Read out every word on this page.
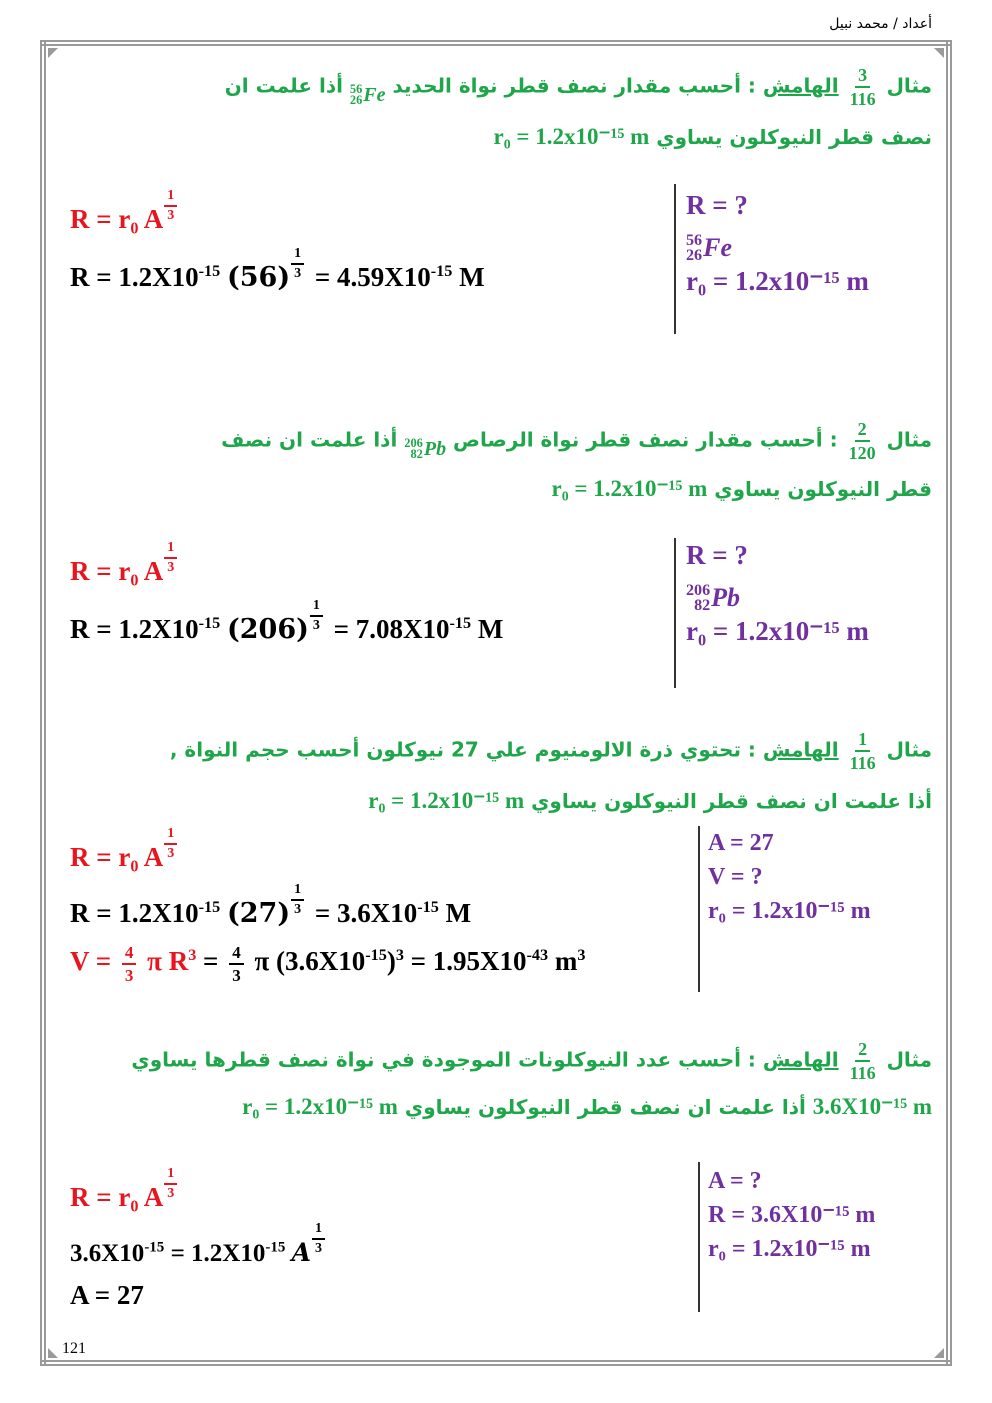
أعداد / محمد نبيل
121
مثال
$\frac{3}{116}$
الهامش : أحسب مقدار نصف قطر نواة الحديد
56
26 Fe
أذا علمت ان
نصف قطر النيوكلون يساوي r₀ = 1.2x10⁻¹⁵ m
R = r₀ A $\frac{1}{3}$
$R = 1.2X10^{-15}$ $(56) \frac{1}{3} = 4.59X10^{-15}$ M
R = ?
56
26 Fe
r₀ = 1.2x10⁻¹⁵ m
مثال
$\frac{2}{120}$
: أحسب مقدار نصف قطر نواة الرصاص
206
82 Pb
أذا علمت ان نصف
قطر النيوكلون يساوي r₀ = 1.2x10⁻¹⁵ m
R = r₀ A $\frac{1}{3}$
$R = 1.2X10^{-15}$ $(206) \frac{1}{3} = 7.08X10^{-15}$ M
R = ?
206
82 Pb
r₀ = 1.2x10⁻¹⁵ m
مثال
$\frac{1}{116}$
الهامش : تحتوي ذرة الالومنيوم علي 27 نيوكلون أحسب حجم النواة ,
أذا علمت ان نصف قطر النيوكلون يساوي r₀ = 1.2x10⁻¹⁵ m
R = r₀ A $\frac{1}{3}$
$R = 1.2X10^{-15}$ $(27) \frac{1}{3} = 3.6X10^{-15}$ M
$V = \frac{4}{3}$ π $R^3 = \frac{4}{3}$ π $(3.6X10^{-15})^3 = 1.95X10^{-43}$ $m^3$
A = 27
V = ?
r₀ = 1.2x10⁻¹⁵ m
مثال
$\frac{2}{116}$
الهامش : أحسب عدد النيوكلونات الموجودة في نواة نصف قطرها يساوي
3.6X10⁻¹⁵ m أذا علمت ان نصف قطر النيوكلون يساوي r₀ = 1.2x10⁻¹⁵ m
R = r₀ A $\frac{1}{3}$
$3.6X10^{-15} = 1.2X10^{-15}$ A $\frac{1}{3}$
A = 27
A = ?
R = 3.6X10⁻¹⁵ m
r₀ = 1.2x10⁻¹⁵ m
